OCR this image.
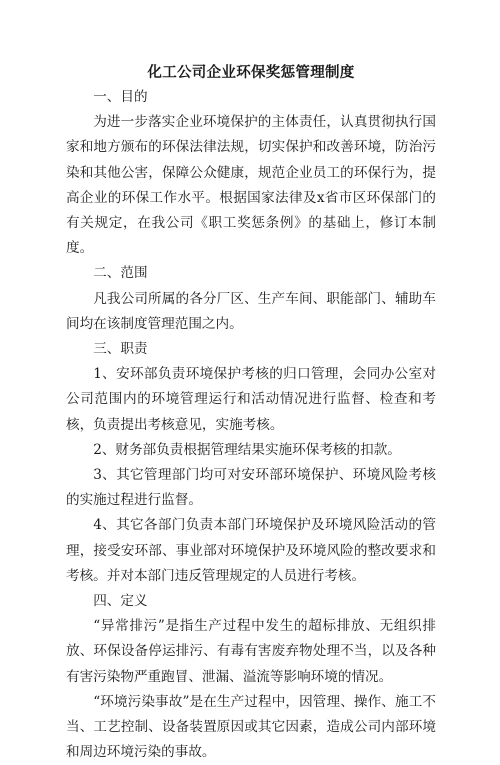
化工公司企业环保奖惩管理制度

一、目的

为进一步落实企业环境保护的主体责任，认真贯彻执行国家和地方颁布的环保法律法规，切实保护和改善环境，防治污染和其他公害，保障公众健康，规范企业员工的环保行为，提高企业的环保工作水平。根据国家法律及x省市区环保部门的有关规定，在我公司《职工奖惩条例》的基础上，修订本制度。

二、范围

凡我公司所属的各分厂区、生产车间、职能部门、辅助车间均在该制度管理范围之内。

三、职责

1、安环部负责环境保护考核的归口管理，会同办公室对公司范围内的环境管理运行和活动情况进行监督、检查和考核，负责提出考核意见，实施考核。

2、财务部负责根据管理结果实施环保考核的扣款。

3、其它管理部门均可对安环部环境保护、环境风险考核的实施过程进行监督。

4、其它各部门负责本部门环境保护及环境风险活动的管理，接受安环部、事业部对环境保护及环境风险的整改要求和考核。并对本部门违反管理规定的人员进行考核。

四、定义

“异常排污”是指生产过程中发生的超标排放、无组织排放、环保设备停运排污、有毒有害废弃物处理不当，以及各种有害污染物严重跑冒、泄漏、溢流等影响环境的情况。

“环境污染事故”是在生产过程中，因管理、操作、施工不当、工艺控制、设备装置原因或其它因素，造成公司内部环境和周边环境污染的事故。
